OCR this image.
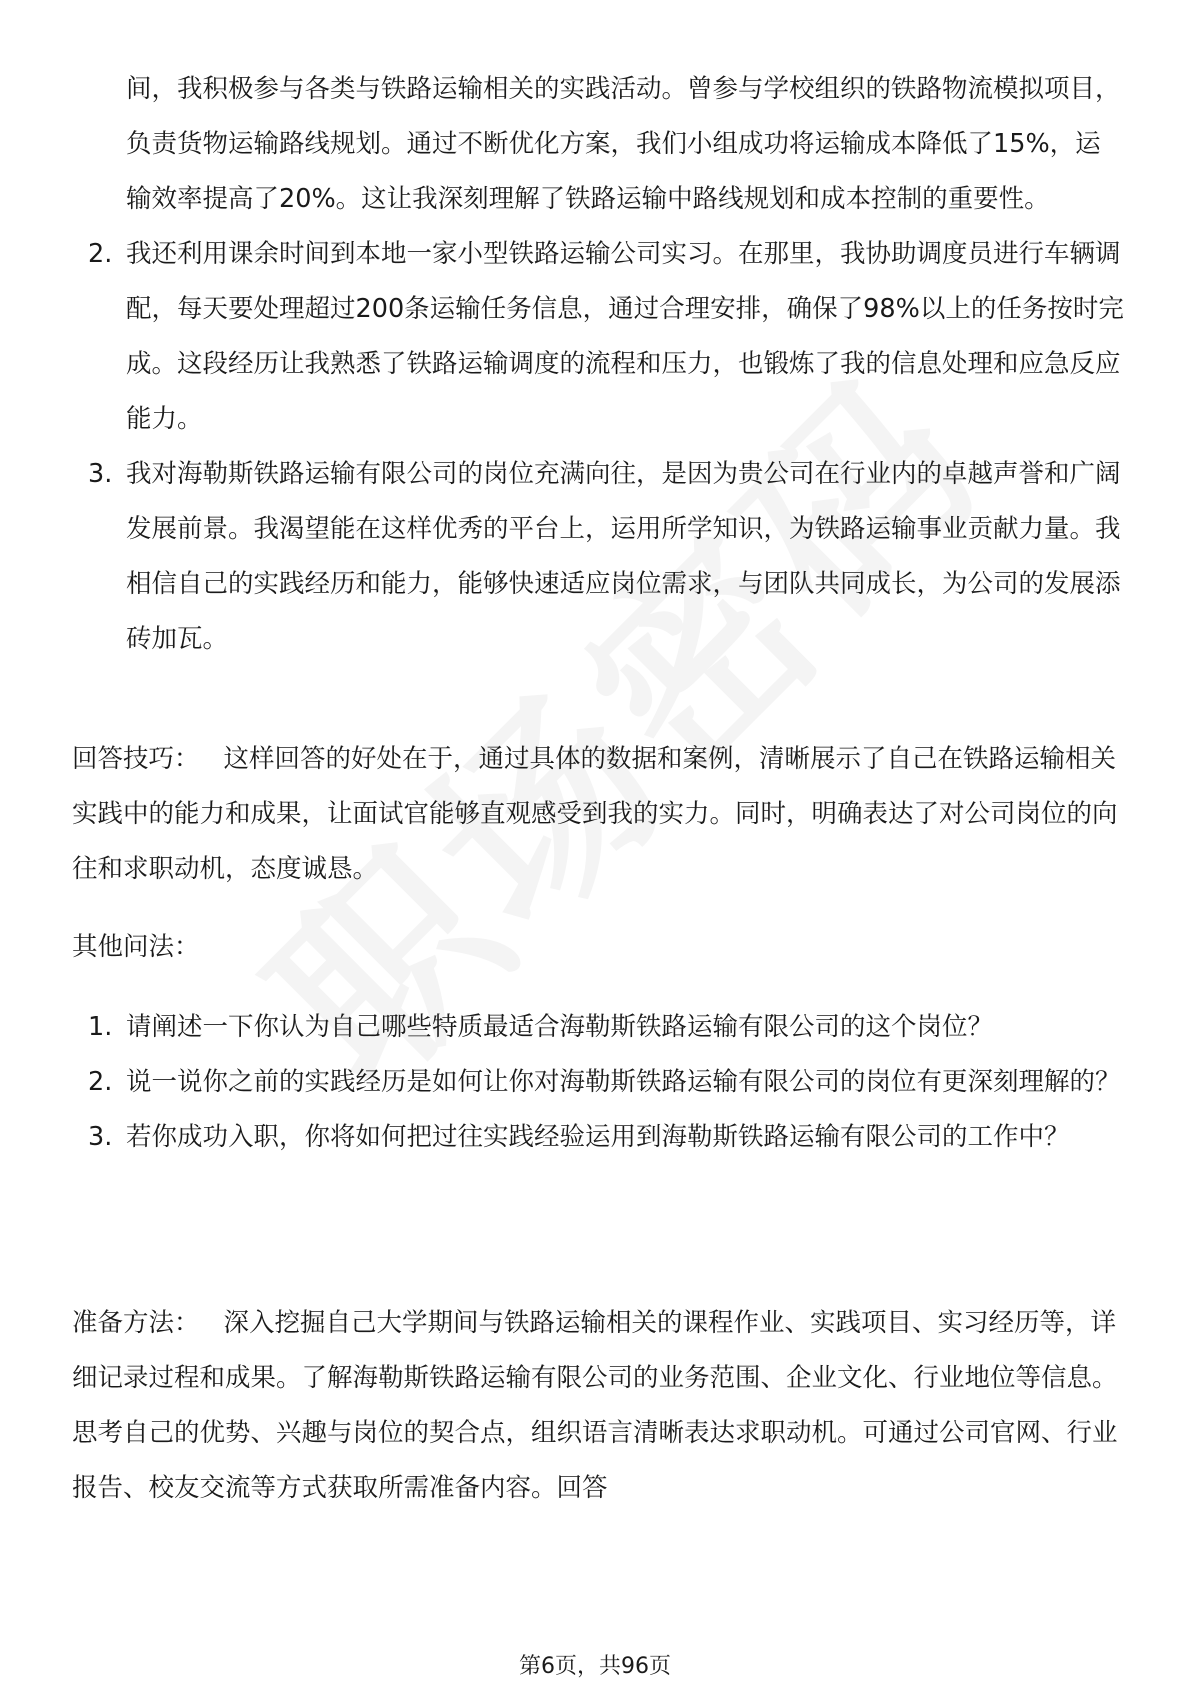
间，我积极参与各类与铁路运输相关的实践活动。曾参与学校组织的铁路物流模拟项目，负责货物运输路线规划。通过不断优化方案，我们小组成功将运输成本降低了15%，运输效率提高了20%。这让我深刻理解了铁路运输中路线规划和成本控制的重要性。
2. 我还利用课余时间到本地一家小型铁路运输公司实习。在那里，我协助调度员进行车辆调配，每天要处理超过200条运输任务信息，通过合理安排，确保了98%以上的任务按时完成。这段经历让我熟悉了铁路运输调度的流程和压力，也锻炼了我的信息处理和应急反应能力。
3. 我对海勒斯铁路运输有限公司的岗位充满向往，是因为贵公司在行业内的卓越声誉和广阔发展前景。我渴望能在这样优秀的平台上，运用所学知识，为铁路运输事业贡献力量。我相信自己的实践经历和能力，能够快速适应岗位需求，与团队共同成长，为公司的发展添砖加瓦。

回答技巧： 这样回答的好处在于，通过具体的数据和案例，清晰展示了自己在铁路运输相关实践中的能力和成果，让面试官能够直观感受到我的实力。同时，明确表达了对公司岗位的向往和求职动机，态度诚恳。

其他问法：

1. 请阐述一下你认为自己哪些特质最适合海勒斯铁路运输有限公司的这个岗位？
2. 说一说你之前的实践经历是如何让你对海勒斯铁路运输有限公司的岗位有更深刻理解的？
3. 若你成功入职，你将如何把过往实践经验运用到海勒斯铁路运输有限公司的工作中？

准备方法： 深入挖掘自己大学期间与铁路运输相关的课程作业、实践项目、实习经历等，详细记录过程和成果。了解海勒斯铁路运输有限公司的业务范围、企业文化、行业地位等信息。思考自己的优势、兴趣与岗位的契合点，组织语言清晰表达求职动机。可通过公司官网、行业报告、校友交流等方式获取所需准备内容。回答

第6页，共96页
